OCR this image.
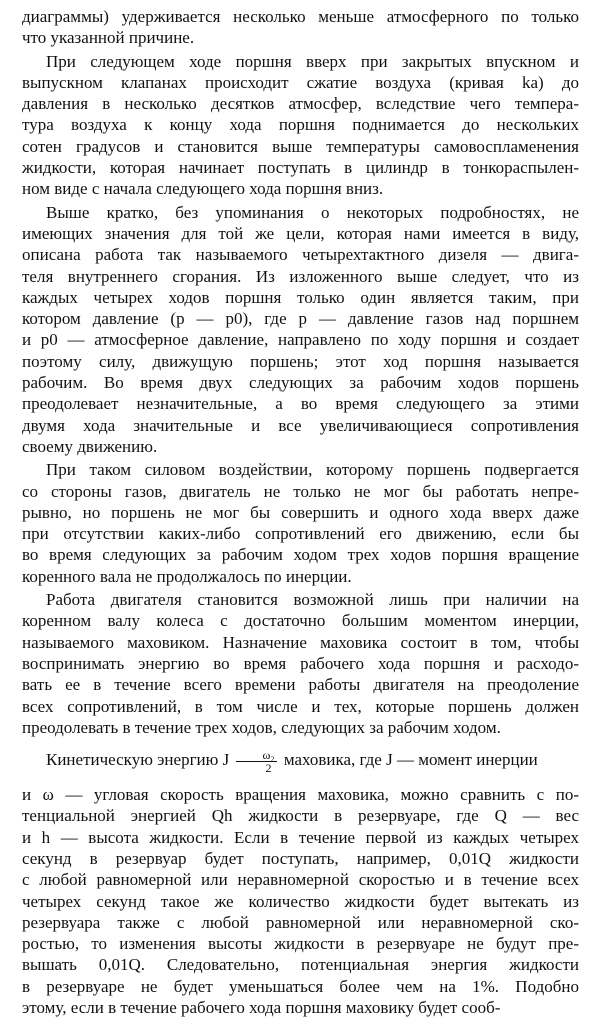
диаграммы) удерживается несколько меньше атмосферного по только
что указанной причине.
При следующем ходе поршня вверх при закрытых впускном и
выпускном клапанах происходит сжатие воздуха (кривая ka) до
давления в несколько десятков атмосфер, вследствие чего темпера-
тура воздуха к концу хода поршня поднимается до нескольких
сотен градусов и становится выше температуры самовоспламенения
жидкости, которая начинает поступать в цилиндр в тонкораспылен-
ном виде с начала следующего хода поршня вниз.
Выше кратко, без упоминания о некоторых подробностях, не
имеющих значения для той же цели, которая нами имеется в виду,
описана работа так называемого четырехтактного дизеля — двига-
теля внутреннего сгорания. Из изложенного выше следует, что из
каждых четырех ходов поршня только один является таким, при
котором давление (p — p0), где p — давление газов над поршнем
и p0 — атмосферное давление, направлено по ходу поршня и создает
поэтому силу, движущую поршень; этот ход поршня называется
рабочим. Во время двух следующих за рабочим ходов поршень
преодолевает незначительные, а во время следующего за этими
двумя хода значительные и все увеличивающиеся сопротивления
своему движению.
При таком силовом воздействии, которому поршень подвергается
со стороны газов, двигатель не только не мог бы работать непре-
рывно, но поршень не мог бы совершить и одного хода вверх даже
при отсутствии каких-либо сопротивлений его движению, если бы
во время следующих за рабочим ходом трех ходов поршня вращение
коренного вала не продолжалось по инерции.
Работа двигателя становится возможной лишь при наличии на
коренном валу колеса с достаточно большим моментом инерции,
называемого маховиком. Назначение маховика состоит в том, чтобы
воспринимать энергию во время рабочего хода поршня и расходо-
вать ее в течение всего времени работы двигателя на преодоление
всех сопротивлений, в том числе и тех, которые поршень должен
преодолевать в течение трех ходов, следующих за рабочим ходом.
Кинетическую энергию J $\frac{\text{ω₂}}{2}$ маховика, где J — момент инерции
и ω — угловая скорость вращения маховика, можно сравнить с по-
тенциальной энергией Qh жидкости в резервуаре, где Q — вес
и h — высота жидкости. Если в течение первой из каждых четырех
секунд в резервуар будет поступать, например, 0,01Q жидкости
с любой равномерной или неравномерной скоростью и в течение всех
четырех секунд такое же количество жидкости будет вытекать из
резервуара также с любой равномерной или неравномерной ско-
ростью, то изменения высоты жидкости в резервуаре не будут пре-
вышать 0,01Q. Следовательно, потенциальная энергия жидкости
в резервуаре не будет уменьшаться более чем на 1%. Подобно
этому, если в течение рабочего хода поршня маховику будет сооб-
